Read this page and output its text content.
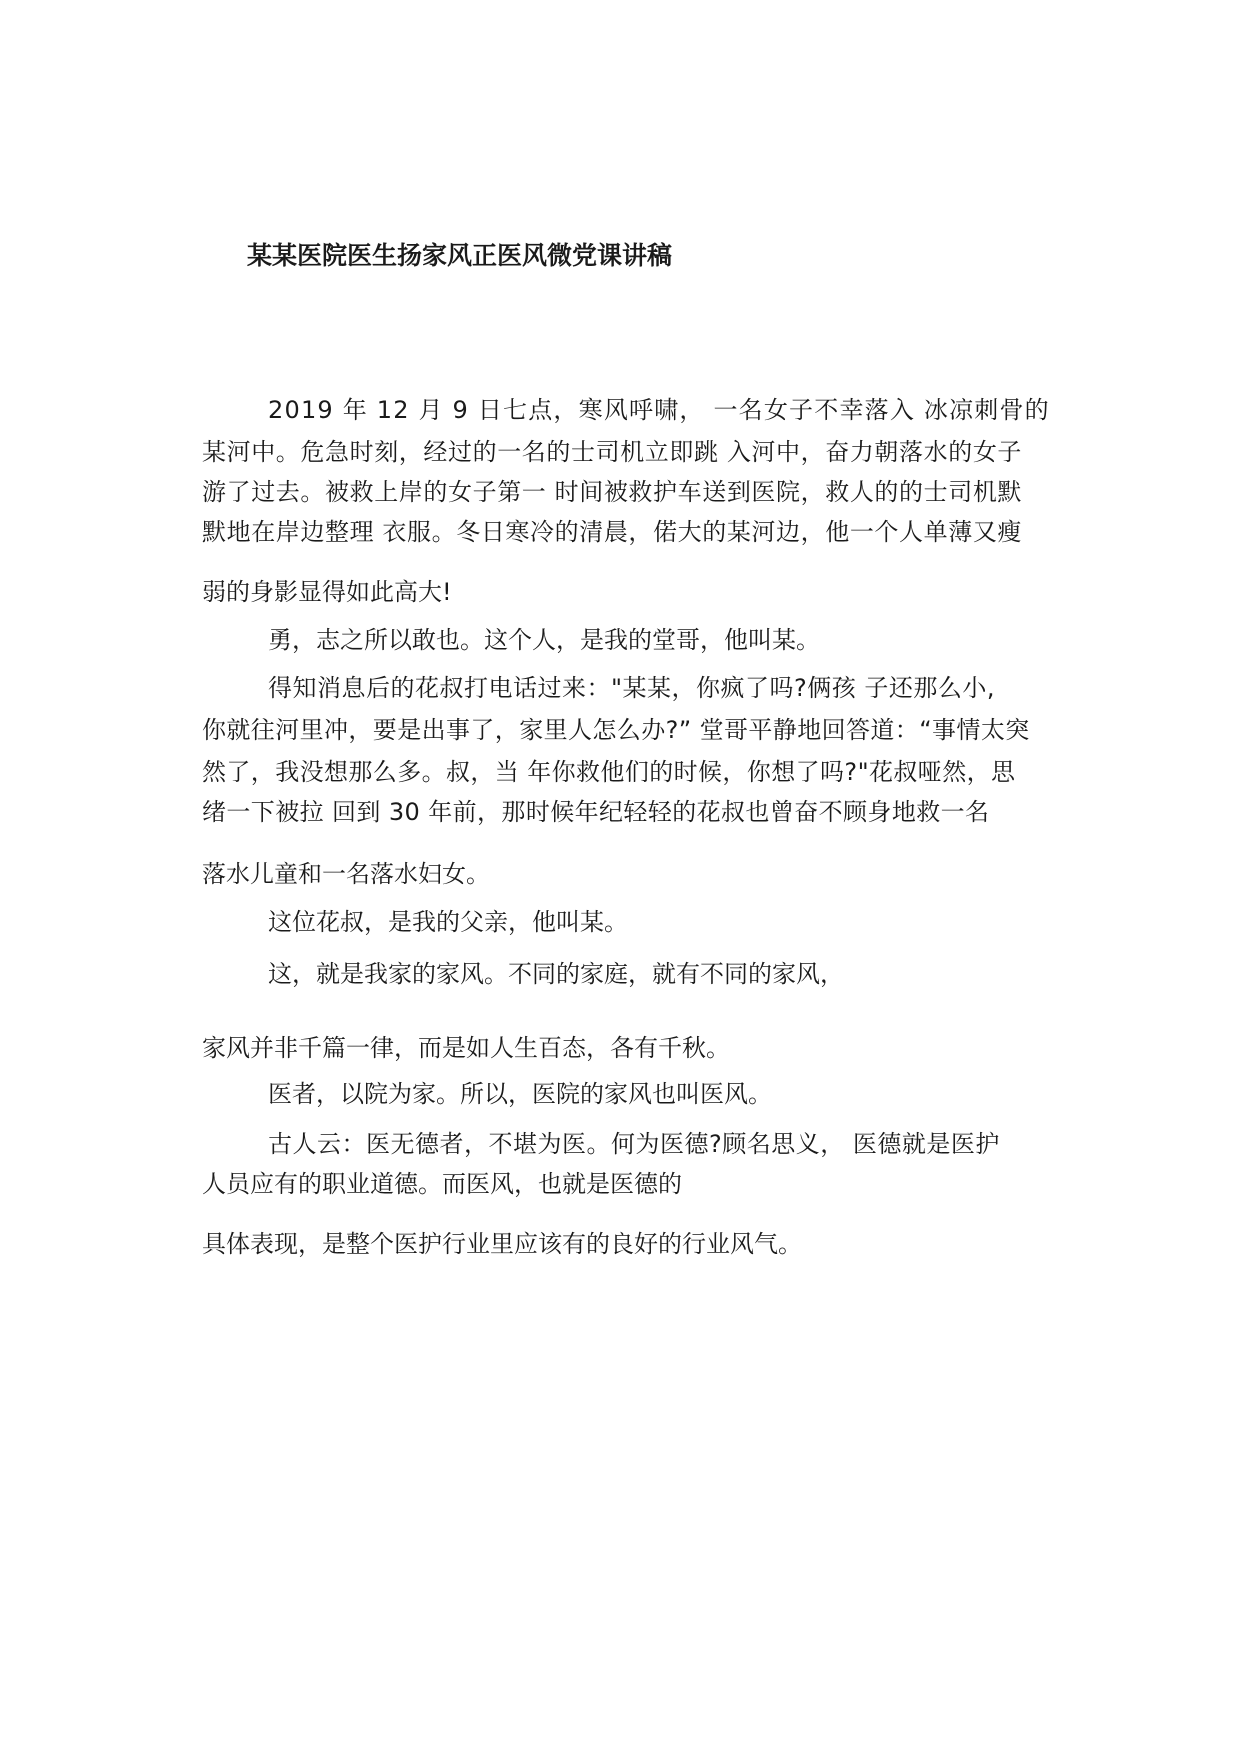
某某医院医生扬家风正医风微党课讲稿
2019 年 12 月 9 日七点，寒风呼啸， 一名女子不幸落入 冰凉刺骨的
某河中。危急时刻，经过的一名的士司机立即跳 入河中，奋力朝落水的女子
游了过去。被救上岸的女子第一 时间被救护车送到医院，救人的的士司机默
默地在岸边整理 衣服。冬日寒冷的清晨，偌大的某河边，他一个人单薄又瘦
弱的身影显得如此高大!
勇，志之所以敢也。这个人，是我的堂哥，他叫某。
得知消息后的花叔打电话过来："某某，你疯了吗?俩孩 子还那么小,
你就往河里冲，要是出事了，家里人怎么办?” 堂哥平静地回答道：“事情太突
然了，我没想那么多。叔，当 年你救他们的时候，你想了吗?"花叔哑然，思
绪一下被拉 回到 30 年前，那时候年纪轻轻的花叔也曾奋不顾身地救一名
落水儿童和一名落水妇女。
这位花叔，是我的父亲，他叫某。
这，就是我家的家风。不同的家庭，就有不同的家风，
家风并非千篇一律，而是如人生百态，各有千秋。
医者，以院为家。所以，医院的家风也叫医风。
古人云：医无德者，不堪为医。何为医德?顾名思义， 医德就是医护
人员应有的职业道德。而医风，也就是医德的
具体表现，是整个医护行业里应该有的良好的行业风气。
